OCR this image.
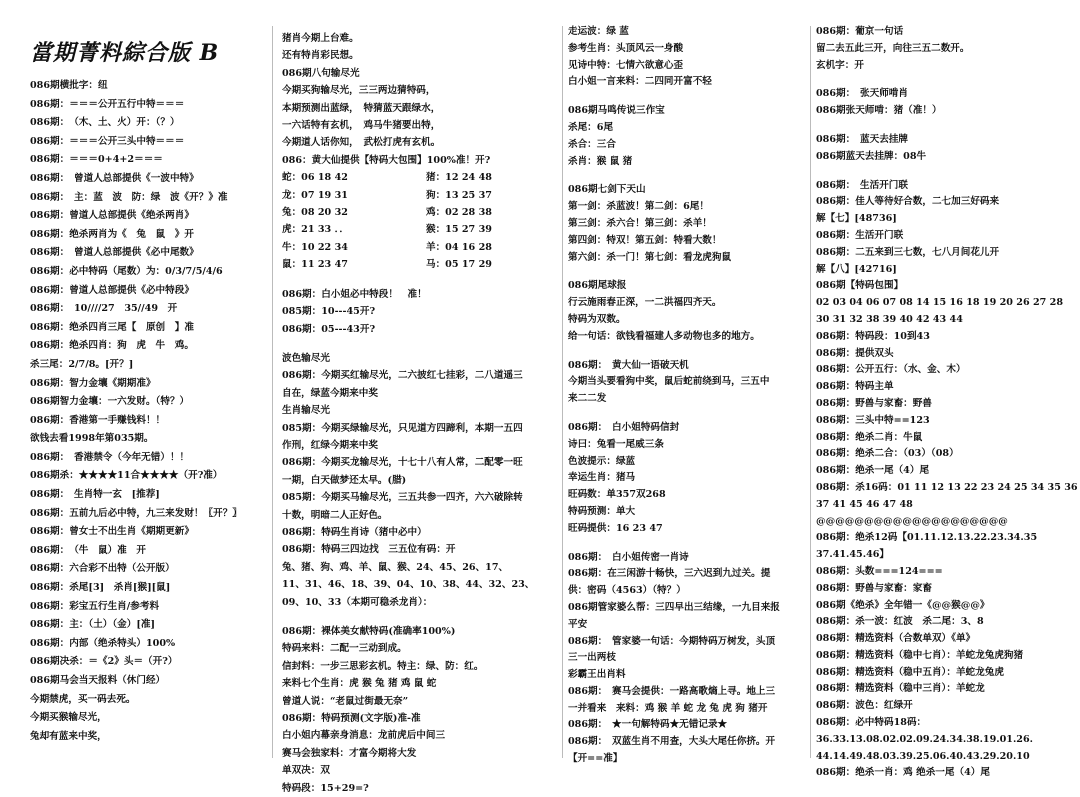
當期菁料綜合版 B
086期横批字：纽
086期：＝＝＝公开五行中特＝＝＝
086期：　（木、土、火）开：（？）
086期：＝＝＝公开三头中特＝＝＝
086期：＝＝＝0+4+2＝＝＝
086期：　曾道人总部提供《一波中特》
086期：　主：蓝　波　防：绿　波《开？》准
086期：曾道人总部提供《绝杀两肖》
086期：绝杀两肖为《　兔　鼠　》开
086期：　曾道人总部提供《必中尾数》
086期：必中特码（尾数）为：0/3/7/5/4/6
086期：曾道人总部提供《必中特段》
086期：　10////27　35//49　开
086期：绝杀四肖三尾【　原创　】准
086期：绝杀四肖：狗　虎　牛　鸡。
杀三尾：2/7/8。[开？]
086期：智力金壤《期期准》
086期智力金壤：一六发财。（特？）
086期：香港第一手赚钱料！！
欲钱去看1998年第035期。
086期：　香港禁令（今年无错）！！
086期杀：★★★★11合★★★★（开?准）
086期：　生肖特一玄　[推荐]
086期：五前九后必中特，九三来发财！〖开？〗
086期：曾女士不出生肖《期期更新》
086期：　（牛　鼠）准　开
086期：六合彩不出特（公开版）
086期：杀尾[3]　杀肖[猴][鼠]
086期：彩宝五行生肖/参考料
086期：主：（土）（金）[准]
086期：内部（绝杀特头）100%
086期决杀：＝《2》头＝（开?）
086期马会当天报料（休门经）
今期禁虎，买一码去死。
今期买猴输尽光，
兔却有蓝来中奖，
猪肖今期上台难。
还有特肖彩民想。
086期八句输尽光
今期买狗输尽光，三三两边猜特码，
本期预测出蓝绿，　特猜蓝天跟绿水，
一六话特有玄机，　鸡马牛猪要出特，
今期道人话你知，　武松打虎有玄机。
086：黄大仙提供【特码大包围】100%准！开?
蛇：06 18 42	猪：12 24 48
龙：07 19 31	狗：13 25 37
兔：08 20 32	鸡：02 28 38
虎：21 33 ．．	猴：15 27 39
牛：10 22 34	羊：04 16 28
鼠：11 23 47	马：05 17 29
086期：白小姐必中特段！　准！
085期：10---45开?
086期：05---43开?
波色输尽光
086期：今期买红输尽光，二六披红七挂彩，二八道遥三
自在，绿蓝今期来中奖
生肖输尽光
085期：今期买绿输尽光，只见道方四蹄利，本期一五四
作刑，红绿今期来中奖
086期：今期买龙输尽光，十七十八有人常，二配零一旺
一期，白天做梦还太早。(腊)
085期：今期买马输尽光，三五共参一四齐，六六破除转
十数，明暗二人正好色。
086期：特码生肖诗（猪中必中）
086期：特码三四边找　三五位有码：开
兔、猪、狗、鸡、羊、鼠、猴、24、45、26、17、
11、31、46、18、39、04、10、38、44、32、23、
09、10、33（本期可稳杀龙肖）：
086期：裸体美女献特码(准确率100%)
特码来料：二配一三动到成。
信封料：一步三思彩玄机。特主：绿、防：红。
来料七个生肖：虎 猴 兔 猪 鸡 鼠 蛇
曾道人说：“老鼠过街最无奈”
086期：特码预测(文字版)准-准
白小姐内幕亲身消息：龙前虎后中间三
赛马会独家料：才富今期将大发
单双决：双
特码段：15+29=?
走运波：绿 蓝
参考生肖：头顶风云一身酸
见诗中特：七情六欲意心歪
白小姐一言来料：二四同开富不轻
086期马鸣传说三作宝
杀尾：6尾
杀合：三合
杀肖：猴 鼠 猪
086期七剑下天山
第一剑：杀蓝波！第二剑：6尾！
第三剑：杀六合！第三剑：杀羊！
第四剑：特双！第五剑：特看大数！
第六剑：杀一门！第七剑：看龙虎狗鼠
086期尾球报
行云施雨春正深，一二洪福四齐天。
特码为双数。
给一句话：欲钱看福建人多动物也多的地方。
086期：　黄大仙一语破天机
今期当头要看狗中奖，鼠后蛇前绕到马，三五中
来二二发
086期：　白小姐特码信封
诗曰：兔看一尾威三条
色波提示：绿蓝
幸运生肖：猪马
旺码数：单357双268
特码预测：单大
旺码提供：16 23 47
086期：　白小姐传密一肖诗
086期：在三闲游十畅快，三六迟到九过关。提
供：密码（4563）（特？）
086期管家婆么帮：三四早出三结缘，一九目来报
平安
086期：　管家婆一句话：今期特码万树发，头顶
三一出两枝
彩霸王出肖料
086期：　赛马会提供：一路高歌熵上寻。地上三
一并看来　来料：鸡 猴 羊 蛇 龙 兔 虎 狗 猪开
086期：　★一句解特码★无错记录★
086期：　双蓝生肖不用查，大头大尾任你挤。开
【开==准】
086期：葡京一句话
留二去五此三开，向往三五二数开。
玄机字：开
086期：　张天师啃肖
086期张天师啃：猪（准！）
086期：　蓝天去挂牌
086期蓝天去挂牌：08牛
086期：　生活开门联
086期：佳人等待好合数，二七加三好码来
解【七】[48736]
086期：生活开门联
086期：二五来到三七数，七八月间花儿开
解【八】[42716]
086期【特码包围】
02 03 04 06 07 08 14 15 16 18 19 20 26 27 28
30 31 32 38 39 40 42 43 44
086期：特码段：10到43
086期：提供双头
086期：公开五行：（水、金、木）
086期：特码主单
086期：野兽与家畜：野兽
086期：三头中特==123
086期：绝杀二肖：牛鼠
086期：绝杀二合：（03）（08）
086期：绝杀一尾（4）尾
086期：杀16码：01 11 12 13 22 23 24 25 34 35 36
37 41 45 46 47 48
@@@@@@@@@@@@@@@@@@@@
086期：绝杀12码【01.11.12.13.22.23.34.35
37.41.45.46】
086期：头数===124===
086期：野兽与家畜：家畜
086期《绝杀》全年错一《@@猴@@》
086期：杀一波：红波　杀二尾：3、8
086期：精选资料（合数单双）《单》
086期：精选资料（稳中七肖）：羊蛇龙兔虎狗猪
086期：精选资料（稳中五肖）：羊蛇龙兔虎
086期：精选资料（稳中三肖）：羊蛇龙
086期：波色：红绿开
086期：必中特码18码：
36.33.13.08.02.02.09.24.34.38.19.01.26.
44.14.49.48.03.39.25.06.40.43.29.20.10
086期：绝杀一肖：鸡 绝杀一尾（4）尾
